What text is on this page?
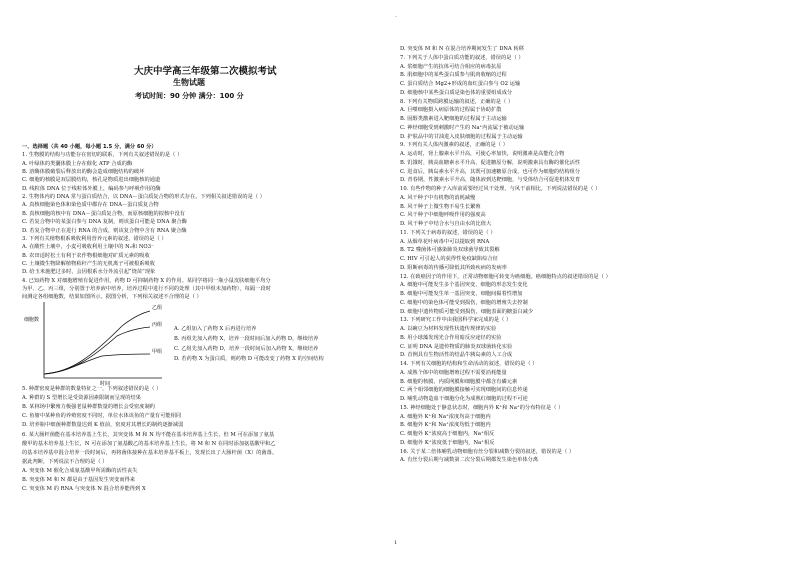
.
大庆中学高三年级第二次模拟考试
生物试题
考试时间：90 分钟 满分：100 分
一、选择题（共 40 小题，每小题 1.5 分，满分 60 分）
1. 生物膜的结构与功能存在密切的联系，下列有关叙述错误的是（ ）
A. 叶绿体的类囊体膜上存在催化 ATP 合成的酶
B. 溶酶体膜破裂后释放出的酶会造成细胞结构的破坏
C. 细胞的核膜是双层膜结构，核孔是物质进出细胞核的通道
D. 线粒体 DNA 位于线粒体外膜上，编码参与呼吸作用的酶
2. 生物体内的 DNA 常与蛋白质结合，以 DNA－蛋白质复合物的形式存在。下列相关叙述错误的是（ ）
A. 真核细胞染色体和染色质中都存在 DNA－蛋白质复合物
B. 真核细胞的核中有 DNA－蛋白质复合物，而原核细胞的拟核中没有
C. 若复合物中的某蛋白参与 DNA 复制，则该蛋白可能是 DNA 聚合酶
D. 若复合物中正在进行 RNA 的合成，则该复合物中含有 RNA 聚合酶
3. 下列有关植物根系吸收利用营养元素的叙述，错误的是（ ）
A. 在酸性土壤中，小麦可吸收利用土壤中的 N₂和 NO3⁻
B. 农田适时松土有利于农作物根细胞对矿质元素的吸收
C. 土壤微生物降解植物秸秆产生的无机离子可被根系吸收
D. 给玉米施肥过多时，会因根系水分外流引起“烧苗”现象
4. 已知药物 X 对细胞增殖有促进作用，药物 D 可抑制药物 X 的作用。某同学将同一瓶小鼠皮肤细胞平均分
为甲、乙、丙三组，分别置于培养液中培养，培养过程中进行不同的处理（其中甲组未加药物），每隔一段时
间测定各组细胞数，结果如图所示。据图分析，下列相关叙述不合理的是（ ）
细胞数
时间
乙组
丙组
甲组
A. 乙组加入了药物 X 后再进行培养
B. 丙组先加入药物 X，培养一段时间后加入药物 D，继续培养
C. 乙组先加入药物 D，培养一段时间后加入药物 X，继续培养
D. 若药物 X 为蛋白质，则药物 D 可能改变了药物 X 的空间结构
5. 种群密度是种群的数量特征之一，下列叙述错误的是（ ）
A. 种群的 S 型增长是受资源因素限制而呈现的结果
B. 某林场中繁殖力极强老鼠种群数量的增长会受密度制约
C. 鱼塘中某种鱼的养殖密度不同时，单位水体该鱼的产量有可能相同
D. 培养瓶中细菌种群数量达到 K 值前，密度对其增长的制约逐渐减弱
6. 某大肠杆菌能在基本培养基上生长，其突变体 M 和 N 均不能在基本培养基上生长，但 M 可在添加了氨基
酸甲的基本培养基上生长，N 可在添加了氨基酸乙的基本培养基上生长。将 M 和 N 在同时添加氨基酸甲和乙
的基本培养基中混合培养一段时间后，再将菌体接种在基本培养基平板上，发现长出了大肠杆菌（X）的菌落。
据此判断，下列说法不合理的是（ ）
A. 突变体 M 催化合成氨基酸甲所需酶的活性丧失
B. 突变体 M 和 N 都是由于基因发生突变而得来
C. 突变体 M 的 RNA 与突变体 N 混合培养能得到 X
D. 突变体 M 和 N 在混合培养期间发生了 DNA 转移
7. 下列关于人体中蛋白质功能的叙述，错误的是（ ）
A. 浆细胞产生的抗体可结合相应的病毒抗原
B. 肌细胞中的某些蛋白质参与肌肉收缩的过程
C. 蛋白质结合 Mg2+形成的血红蛋白参与 O2 运输
D. 细胞核中某些蛋白质是染色体的重要组成成分
8. 下列有关物质跨膜运输的叙述，正确的是（ ）
A. 巨噬细胞摄入病原体的过程属于协助扩散
B. 固醇类激素进入靶细胞的过程属于主动运输
C. 神经细胞受到刺激时产生的 Na⁺内流属于被动运输
D. 护肤品中的甘油进入皮肤细胞的过程属于主动运输
9. 下列有关人体内激素的叙述，正确的是（ ）
A. 运动时，肾上腺素水平升高，可使心率加快，说明激素是高能化合物
B. 饥饿时，胰高血糖素水平升高，促进糖原分解，说明激素具有酶的催化活性
C. 进食后，胰岛素水平升高，其既可加速糖原合成，也可作为细胞的结构组分
D. 青春期，性激素水平升高，随体液到达靶细胞，与受体结合可促进机体发育
10. 有些作物的种子入库前需要经过风干处理，与风干前相比，下列说法错误的是（ ）
A. 风干种子中有机物的消耗减慢
B. 风干种子上微生物不易生长繁殖
C. 风干种子中细胞呼吸作用的强度高
D. 风干种子中结合水与自由水的比值大
11. 下列关于病毒的叙述，错误的是（ ）
A. 从烟草花叶病毒中可以提取到 RNA
B. T2 噬菌体可感染肺炎双球菌导致其裂解
C. HIV 可引起人的获得性免疫缺陷综合征
D. 阻断病毒的传播可降低其所致疾病的发病率
12. 在致癌因子的作用下，正常动物细胞可转变为癌细胞。癌细胞特点的叙述错误的是（ ）
A. 细胞中可能发生多个基因突变，细胞的形态发生变化
B. 细胞中可能发生单一基因突变，细胞间黏着性增加
C. 细胞中的染色体可能受到损伤，细胞的增殖失去控制
D. 细胞中遗传物质可能受到损伤，细胞表面的糖蛋白减少
13. 下列研究工作中由我国科学家完成的是（ ）
A. 以碗豆为材料发现性状遗传规律的实验
B. 用小球藻发现光合作用暗反应途径的实验
C. 证明 DNA 是遗传物质的肺炎双球菌转化实验
D. 首例具有生物活性的结晶牛胰岛素的人工合成
14. 下列有关细胞的结构和生命活动的叙述，错误的是（ ）
A. 成熟个体中的细胞增殖过程不需要消耗能量
B. 细胞的核膜、内质网膜和细胞膜中都含有磷元素
C. 两个相邻细胞的细胞膜接触可实现细胞间的信息传递
D. 哺乳动物造血干细胞分化为成熟红细胞的过程不可逆
15. 神经细胞处于静息状态时，细胞内外 K⁺和 Na⁺的分布特征是（ ）
A. 细胞外 K⁺和 Na⁺浓度均高于细胞内
B. 细胞外 K⁺和 Na⁺浓度均低于细胞内
C. 细胞外 K⁺浓度高于细胞内，Na⁺相反
D. 细胞外 K⁺浓度低于细胞内，Na⁺相反
16. 关于某二倍体哺乳动物细胞有丝分裂和减数分裂的叙述，错误的是（ ）
A. 有丝分裂后期与减数第二次分裂后期都发生染色单体分离
1
